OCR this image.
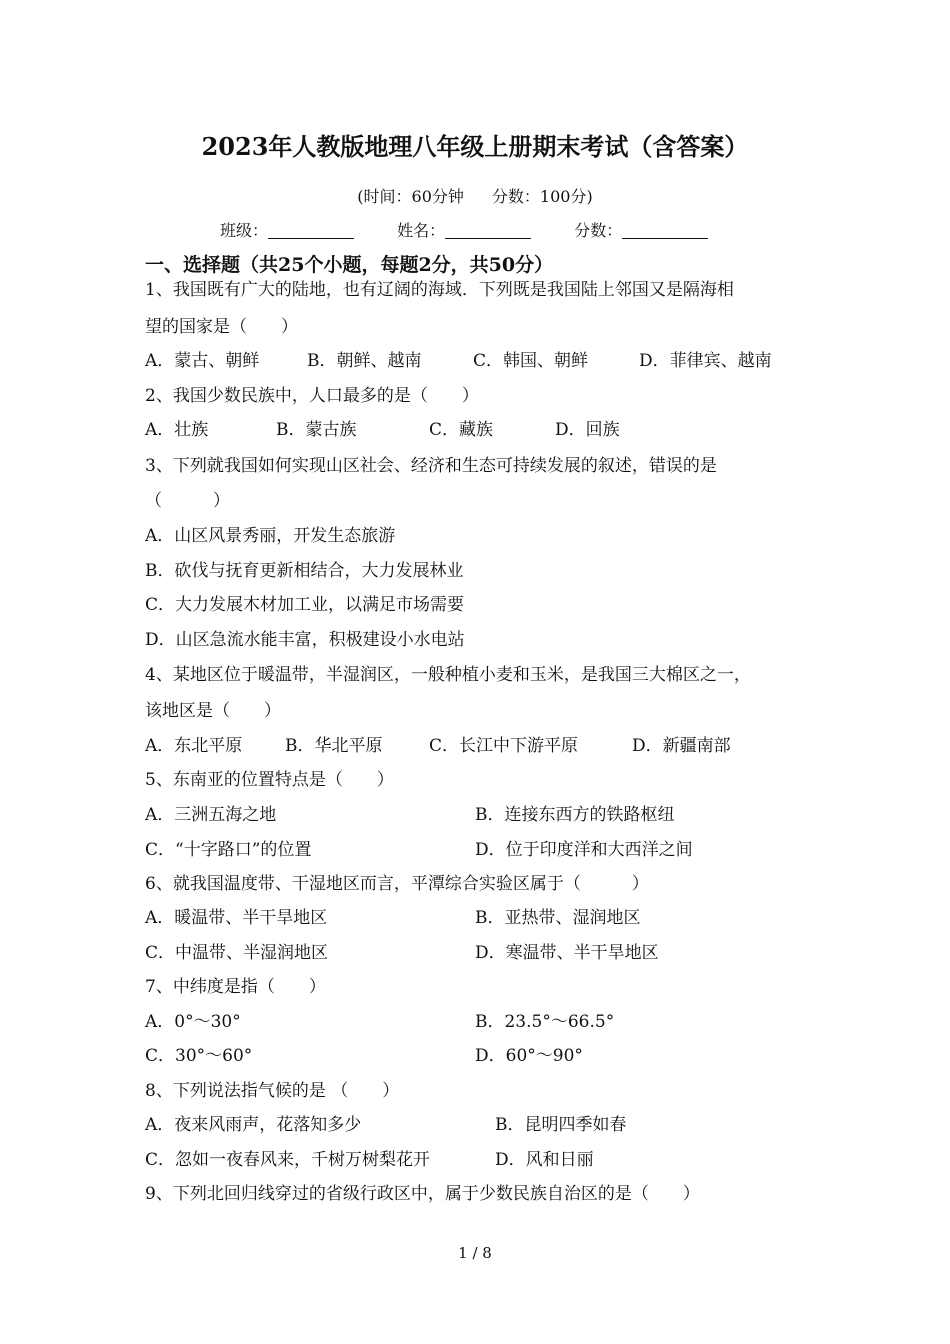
2023年人教版地理八年级上册期末考试（含答案）
(时间：60分钟 分数：100分)
班级：	姓名：	分数：
一、选择题（共25个小题，每题2分，共50分）
1、我国既有广大的陆地，也有辽阔的海域．下列既是我国陆上邻国又是隔海相
望的国家是（　　）
A．蒙古、朝鲜	B．朝鲜、越南	C．韩国、朝鲜	D．菲律宾、越南
2、我国少数民族中，人口最多的是（　　）
A．壮族	B．蒙古族	C．藏族	D．回族
3、下列就我国如何实现山区社会、经济和生态可持续发展的叙述，错误的是
（　　　）
A．山区风景秀丽，开发生态旅游
B．砍伐与抚育更新相结合，大力发展林业
C．大力发展木材加工业，以满足市场需要
D．山区急流水能丰富，积极建设小水电站
4、某地区位于暖温带，半湿润区，一般种植小麦和玉米，是我国三大棉区之一，
该地区是（　　）
A．东北平原	B．华北平原	C．长江中下游平原	D．新疆南部
5、东南亚的位置特点是（　　）
A．三洲五海之地	B．连接东西方的铁路枢纽
C．“十字路口”的位置	D．位于印度洋和大西洋之间
6、就我国温度带、干湿地区而言，平潭综合实验区属于（　　　）
A．暖温带、半干旱地区	B．亚热带、湿润地区
C．中温带、半湿润地区	D．寒温带、半干旱地区
7、中纬度是指（　　）
A．0°～30°	B．23.5°～66.5°
C．30°～60°	D．60°～90°
8、下列说法指气候的是 （　　）
A．夜来风雨声，花落知多少	B．昆明四季如春
C．忽如一夜春风来，千树万树梨花开	D．风和日丽
9、下列北回归线穿过的省级行政区中，属于少数民族自治区的是（　　）
1 / 8
